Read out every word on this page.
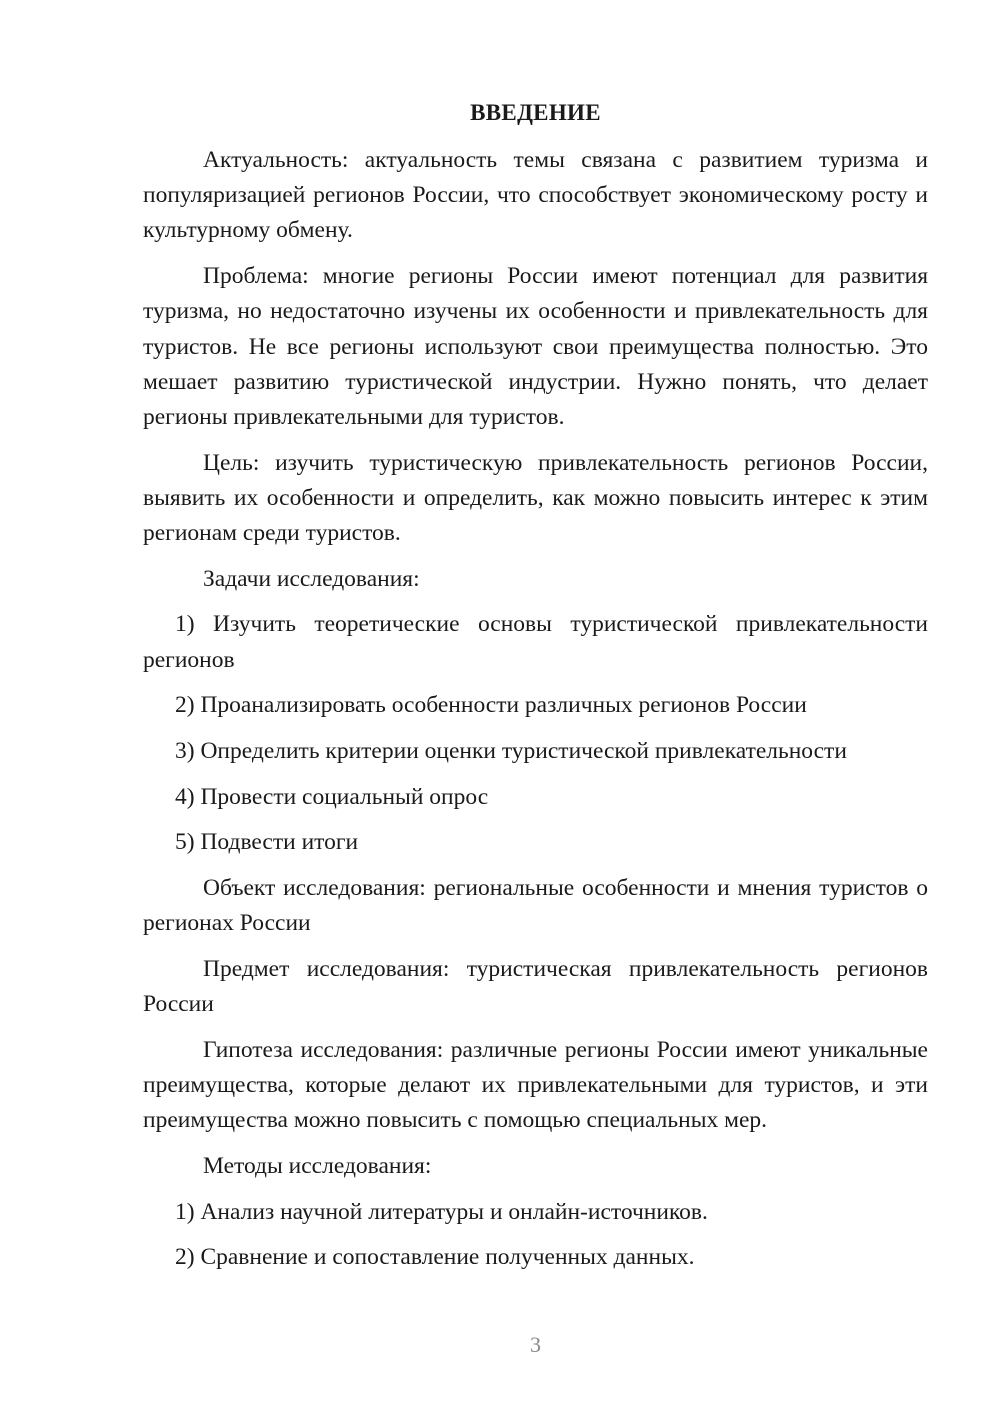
ВВЕДЕНИЕ

Актуальность: актуальность темы связана с развитием туризма и популяризацией регионов России, что способствует экономическому росту и культурному обмену.

Проблема: многие регионы России имеют потенциал для развития туризма, но недостаточно изучены их особенности и привлекательность для туристов. Не все регионы используют свои преимущества полностью. Это мешает развитию туристической индустрии. Нужно понять, что делает регионы привлекательными для туристов.

Цель: изучить туристическую привлекательность регионов России, выявить их особенности и определить, как можно повысить интерес к этим регионам среди туристов.

Задачи исследования:

1) Изучить теоретические основы туристической привлекательности регионов

2) Проанализировать особенности различных регионов России

3) Определить критерии оценки туристической привлекательности

4) Провести социальный опрос

5) Подвести итоги

Объект исследования: региональные особенности и мнения туристов о регионах России

Предмет исследования: туристическая привлекательность регионов России

Гипотеза исследования: различные регионы России имеют уникальные преимущества, которые делают их привлекательными для туристов, и эти преимущества можно повысить с помощью специальных мер.

Методы исследования:

1) Анализ научной литературы и онлайн-источников.

2) Сравнение и сопоставление полученных данных.

3
